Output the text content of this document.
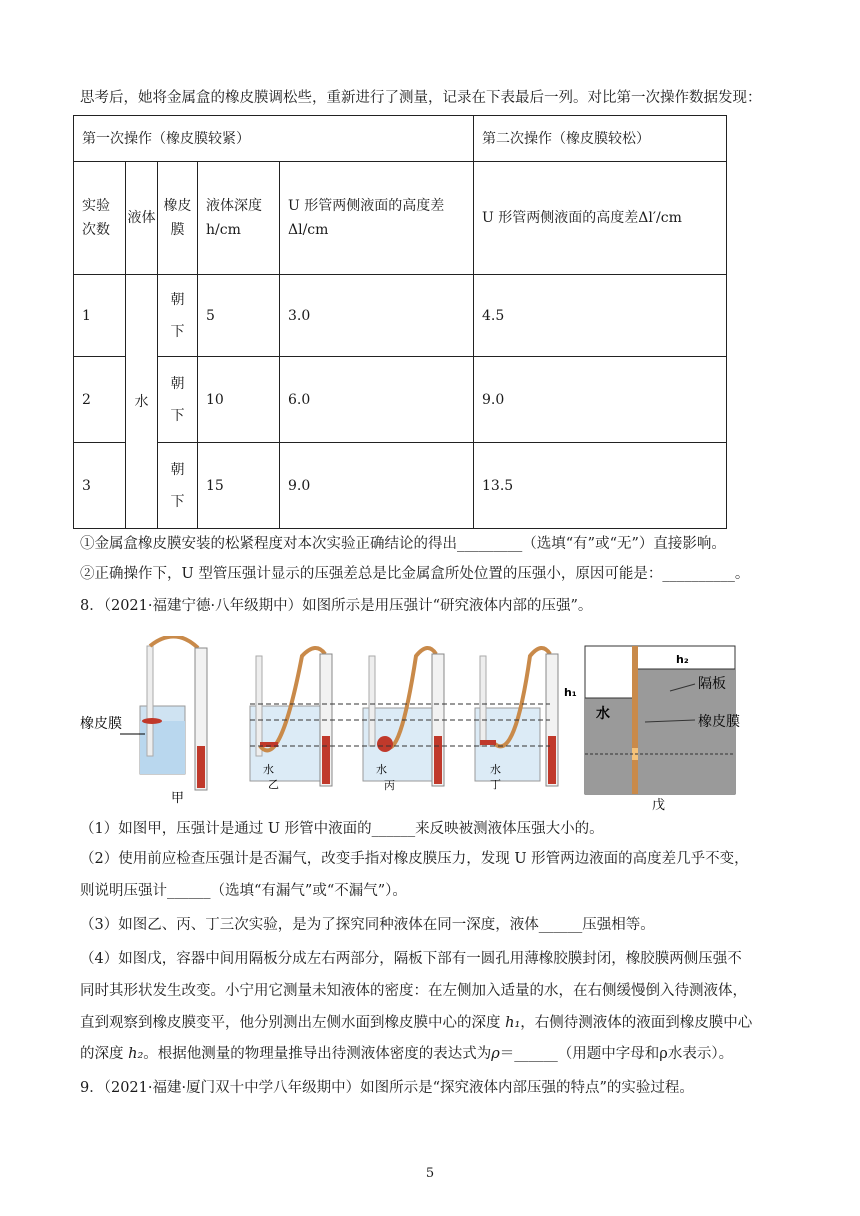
思考后，她将金属盒的橡皮膜调松些，重新进行了测量，记录在下表最后一列。对比第一次操作数据发现：
第一次操作（橡皮膜较紧）					第二次操作（橡皮膜较松）
实验次数	液体	橡皮膜	液体深度h/cm	U 形管两侧液面的高度差Δl/cm	U 形管两侧液面的高度差Δl′/cm
1	水	朝下	5	3.0	4.5
2		朝下	10	6.0	9.0
3		朝下	15	9.0	13.5
①金属盒橡皮膜安装的松紧程度对本次实验正确结论的得出_________（选填“有”或“无”）直接影响。
②正确操作下，U 型管压强计显示的压强差总是比金属盒所处位置的压强小，原因可能是：__________。
8．（2021·福建宁德·八年级期中）如图所示是用压强计“研究液体内部的压强”。
橡皮膜
甲
乙	丙	丁
戊
水	水	水
水
隔板
橡皮膜
h₁
h₂
（1）如图甲，压强计是通过 U 形管中液面的______来反映被测液体压强大小的。
（2）使用前应检查压强计是否漏气，改变手指对橡皮膜压力，发现 U 形管两边液面的高度差几乎不变，
则说明压强计______（选填“有漏气”或“不漏气”）。
（3）如图乙、丙、丁三次实验，是为了探究同种液体在同一深度，液体______压强相等。
（4）如图戊，容器中间用隔板分成左右两部分，隔板下部有一圆孔用薄橡胶膜封闭，橡胶膜两侧压强不
同时其形状发生改变。小宁用它测量未知液体的密度：在左侧加入适量的水，在右侧缓慢倒入待测液体，
直到观察到橡皮膜变平，他分别测出左侧水面到橡皮膜中心的深度 h₁，右侧待测液体的液面到橡皮膜中心
的深度 h₂。根据他测量的物理量推导出待测液体密度的表达式为ρ＝______（用题中字母和ρ水表示）。
9．（2021·福建·厦门双十中学八年级期中）如图所示是“探究液体内部压强的特点”的实验过程。
5
